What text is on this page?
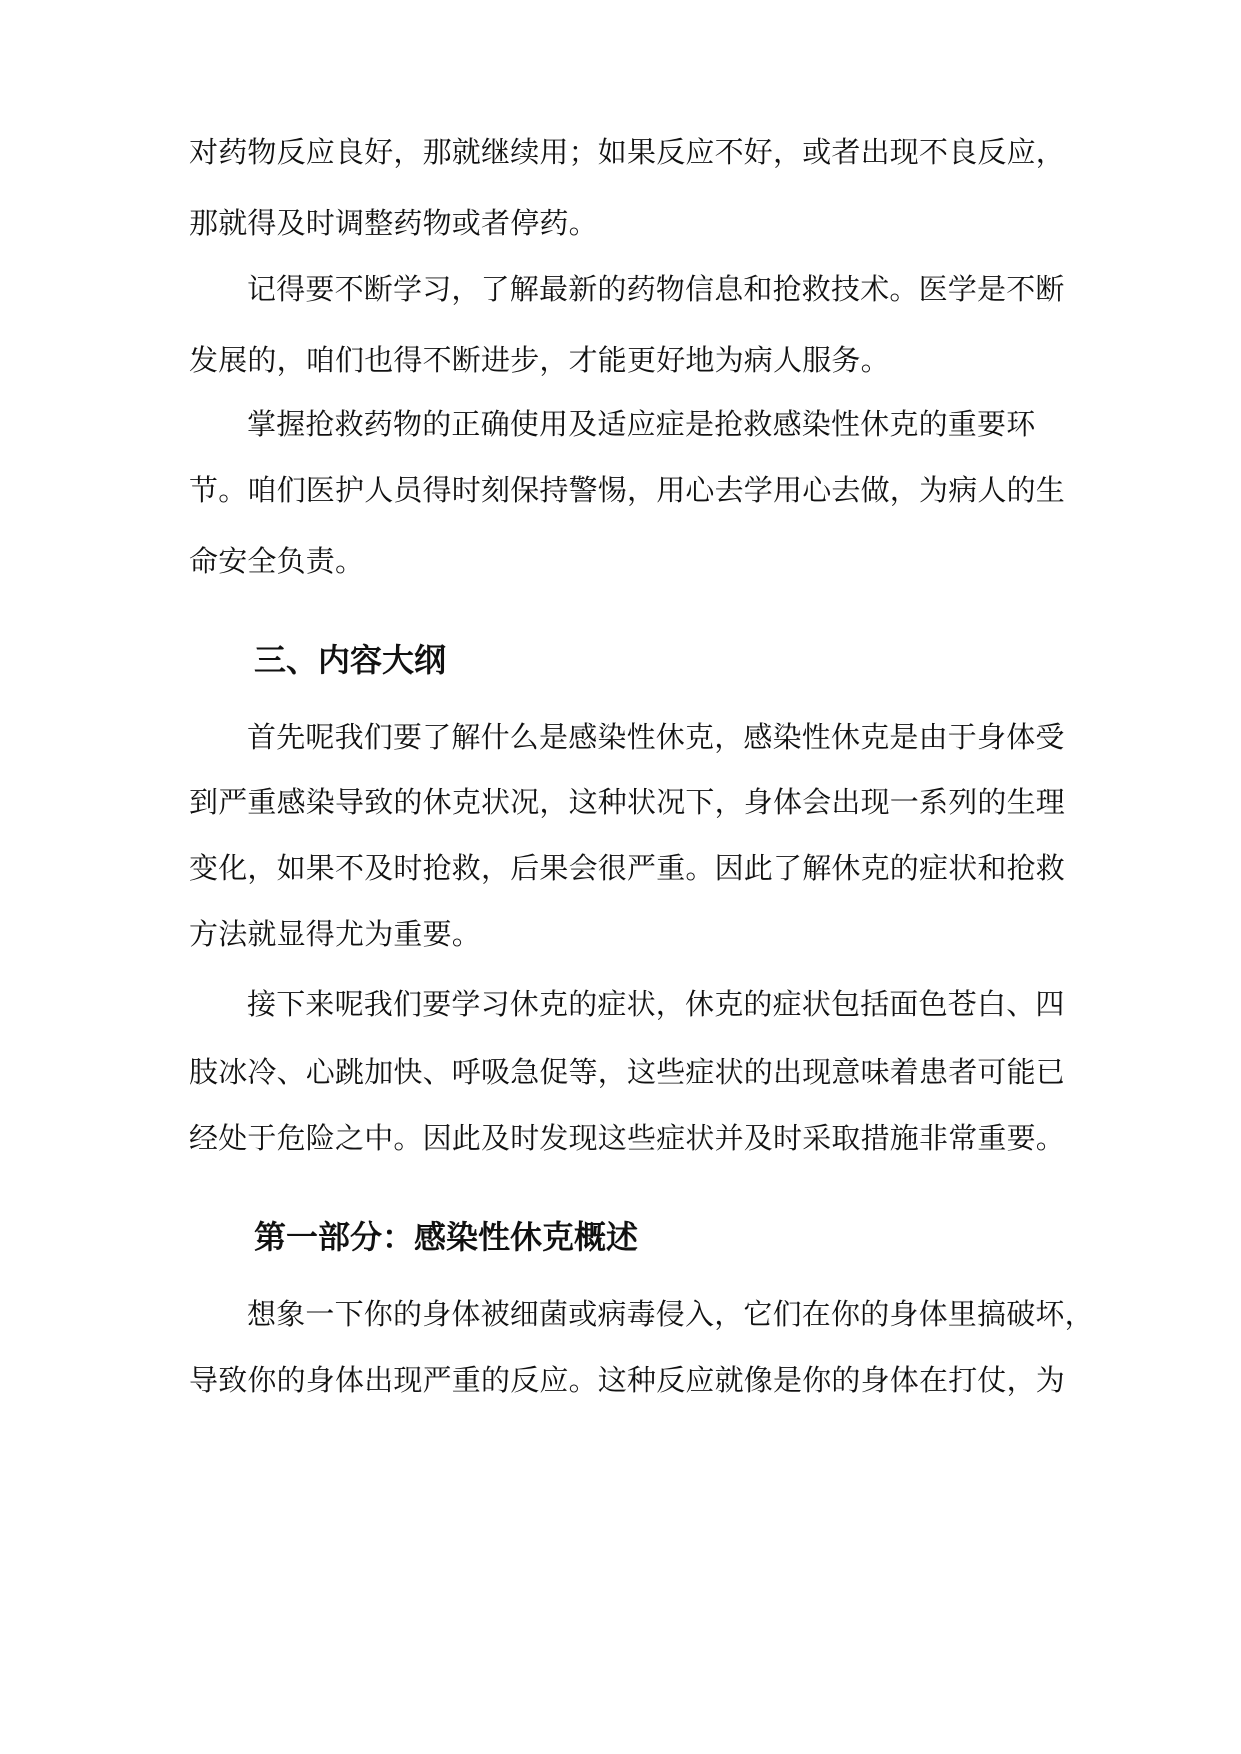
对药物反应良好，那就继续用；如果反应不好，或者出现不良反应，
那就得及时调整药物或者停药。
记得要不断学习，了解最新的药物信息和抢救技术。医学是不断
发展的，咱们也得不断进步，才能更好地为病人服务。
掌握抢救药物的正确使用及适应症是抢救感染性休克的重要环
节。咱们医护人员得时刻保持警惕，用心去学用心去做，为病人的生
命安全负责。
三、内容大纲
首先呢我们要了解什么是感染性休克，感染性休克是由于身体受
到严重感染导致的休克状况，这种状况下，身体会出现一系列的生理
变化，如果不及时抢救，后果会很严重。因此了解休克的症状和抢救
方法就显得尤为重要。
接下来呢我们要学习休克的症状，休克的症状包括面色苍白、四
肢冰冷、心跳加快、呼吸急促等，这些症状的出现意味着患者可能已
经处于危险之中。因此及时发现这些症状并及时采取措施非常重要。
第一部分：感染性休克概述
想象一下你的身体被细菌或病毒侵入，它们在你的身体里搞破坏，
导致你的身体出现严重的反应。这种反应就像是你的身体在打仗，为
